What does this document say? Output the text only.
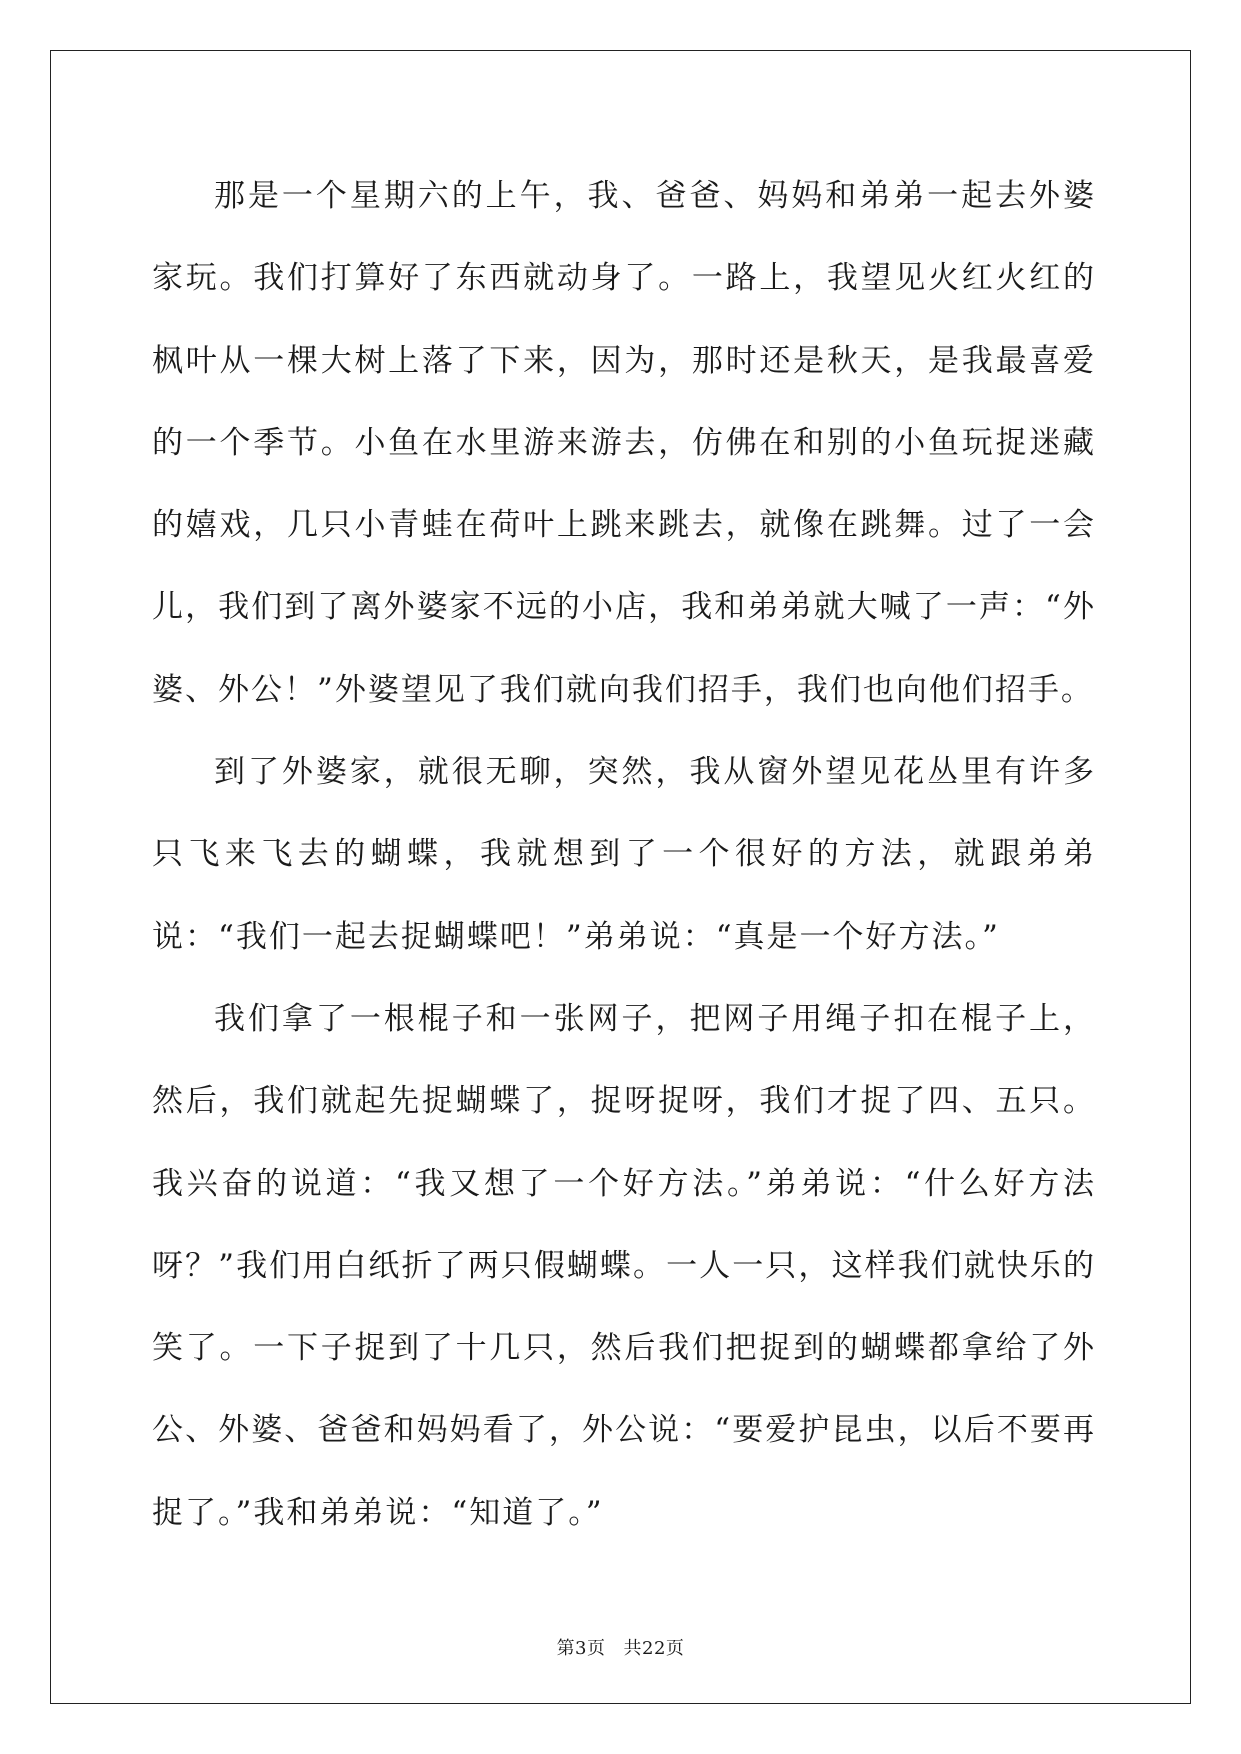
那是一个星期六的上午，我、爸爸、妈妈和弟弟一起去外婆家玩。我们打算好了东西就动身了。一路上，我望见火红火红的枫叶从一棵大树上落了下来，因为，那时还是秋天，是我最喜爱的一个季节。小鱼在水里游来游去，仿佛在和别的小鱼玩捉迷藏的嬉戏，几只小青蛙在荷叶上跳来跳去，就像在跳舞。过了一会儿，我们到了离外婆家不远的小店，我和弟弟就大喊了一声：“外婆、外公！”外婆望见了我们就向我们招手，我们也向他们招手。

到了外婆家，就很无聊，突然，我从窗外望见花丛里有许多只飞来飞去的蝴蝶，我就想到了一个很好的方法，就跟弟弟说：“我们一起去捉蝴蝶吧！”弟弟说：“真是一个好方法。”

我们拿了一根棍子和一张网子，把网子用绳子扣在棍子上，然后，我们就起先捉蝴蝶了，捉呀捉呀，我们才捉了四、五只。我兴奋的说道：“我又想了一个好方法。”弟弟说：“什么好方法呀？”我们用白纸折了两只假蝴蝶。一人一只，这样我们就快乐的笑了。一下子捉到了十几只，然后我们把捉到的蝴蝶都拿给了外公、外婆、爸爸和妈妈看了，外公说：“要爱护昆虫，以后不要再捉了。”我和弟弟说：“知道了。”

第3页 共22页
